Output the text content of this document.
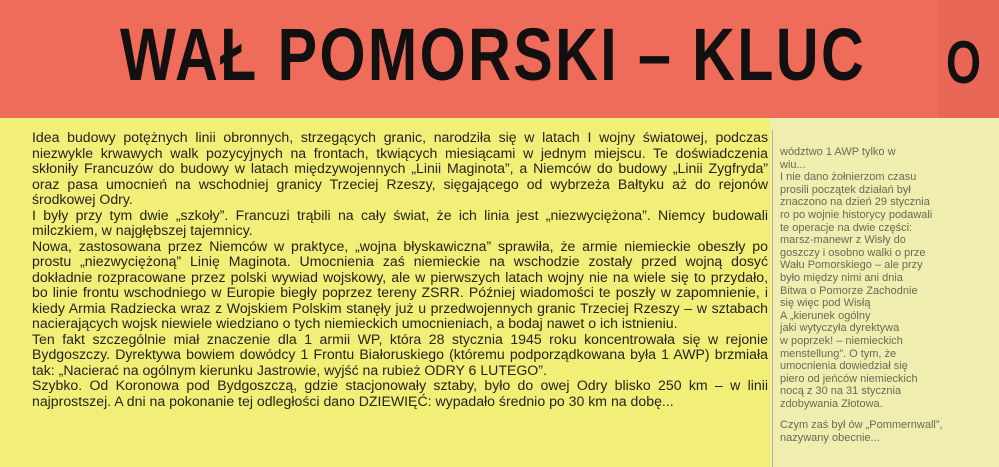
WAŁ POMORSKI – KLUC O

Idea budowy potężnych linii obronnych, strzegących granic, narodziła się w latach I wojny światowej, podczas niezwykle krwawych walk pozycyjnych na frontach, tkwiących miesiącami w jednym miejscu. Te doświadczenia skłoniły Francuzów do budowy w latach międzywojennych „Linii Maginota”, a Niemców do budowy „Linii Zygfryda” oraz pasa umocnień na wschodniej granicy Trzeciej Rzeszy, sięgającego od wybrzeża Bałtyku aż do rejonów środkowej Odry.

I były przy tym dwie „szkoły”. Francuzi trąbili na cały świat, że ich linia jest „niezwyciężona”. Niemcy budowali milczkiem, w najgłębszej tajemnicy.

Nowa, zastosowana przez Niemców w praktyce, „wojna błyskawiczna” sprawiła, że armie niemieckie obeszły po prostu „niezwyciężoną” Linię Maginota. Umocnienia zaś niemieckie na wschodzie zostały przed wojną dosyć dokładnie rozpracowane przez polski wywiad wojskowy, ale w pierwszych latach wojny nie na wiele się to przydało, bo linie frontu wschodniego w Europie biegły poprzez tereny ZSRR. Później wiadomości te poszły w zapomnienie, i kiedy Armia Radziecka wraz z Wojskiem Polskim stanęły już u przedwojennych granic Trzeciej Rzeszy – w sztabach nacierających wojsk niewiele wiedziano o tych niemieckich umocnieniach, a bodaj nawet o ich istnieniu.

Ten fakt szczególnie miał znaczenie dla 1 armii WP, która 28 stycznia 1945 roku koncentrowała się w rejonie Bydgoszczy. Dyrektywa bowiem dowódcy 1 Frontu Białoruskiego (któremu podporządkowana była 1 AWP) brzmiała tak: „Nacierać na ogólnym kierunku Jastrowie, wyjść na rubież ODRY 6 LUTEGO”.

Szybko. Od Koronowa pod Bydgoszczą, gdzie stacjonowały sztaby, było do owej Odry blisko 250 km – w linii najprostszej. A dni na pokonanie tej odległości dano DZIEWIĘĆ: wypadało średnio po 30 km na dobę...

wództwo 1 AWP tylko w

wiu...

I nie dano żołnierzom czasu

prosili początek działań był

znaczono na dzień 29 stycznia

ro po wojnie historycy podawali

te operacje na dwie części:

marsz-manewr z Wisły do

goszczy i osobno walki o prze

Wału Pomorskiego – ale przy

było między nimi ani dnia

Bitwa o Pomorze Zachodnie

się więc pod Wisłą

A „kierunek ogólny

jaki wytyczyła dyrektywa

w poprzek! – niemieckich

menstellung”. O tym, że

umocnienia dowiedział się

piero od jeńców niemieckich

nocą z 30 na 31 stycznia

zdobywania Złotowa.

Czym zaś był ów „Pommernwall”,

nazywany obecnie...
